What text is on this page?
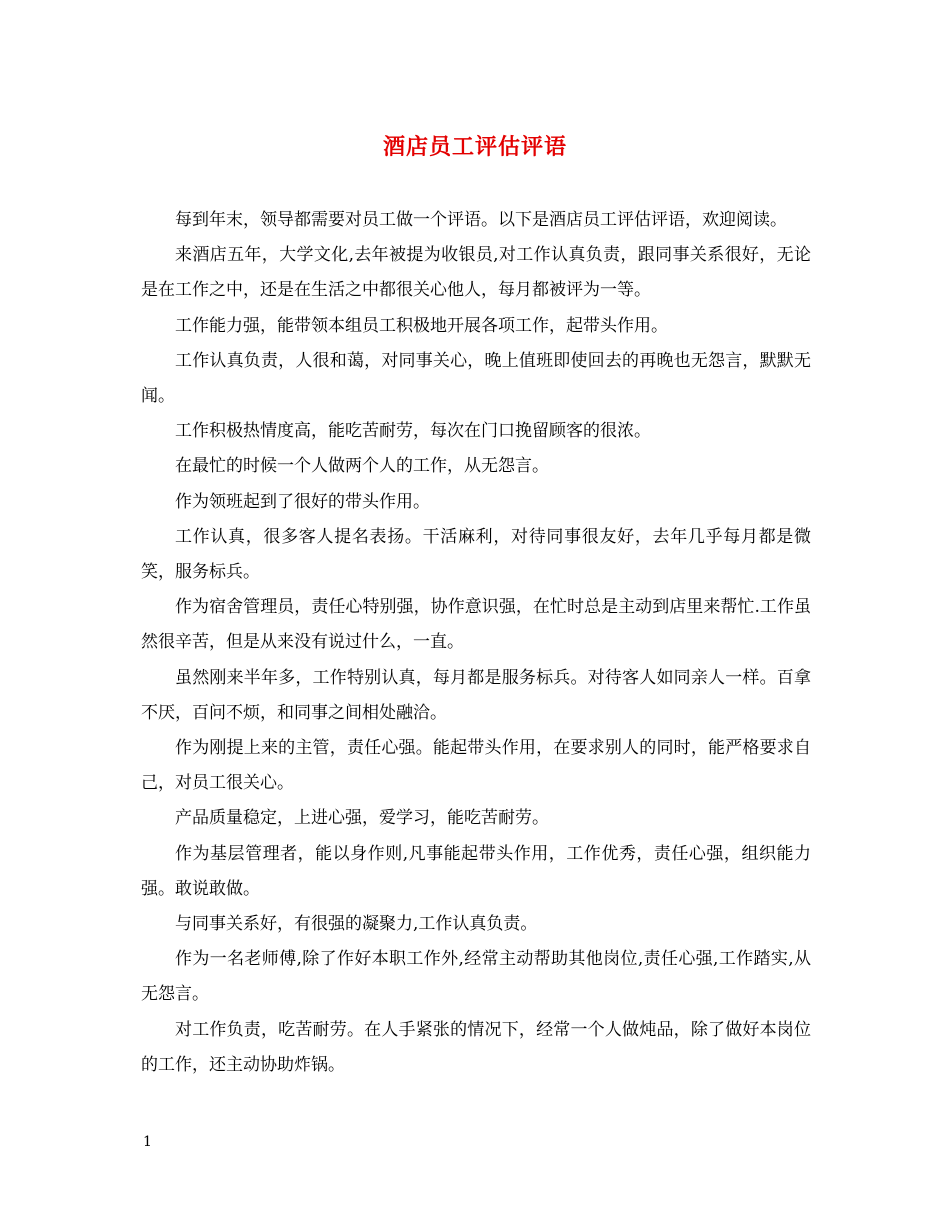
酒店员工评估评语

每到年末，领导都需要对员工做一个评语。以下是酒店员工评估评语，欢迎阅读。

来酒店五年，大学文化,去年被提为收银员,对工作认真负责，跟同事关系很好，无论是在工作之中，还是在生活之中都很关心他人，每月都被评为一等。

工作能力强，能带领本组员工积极地开展各项工作，起带头作用。

工作认真负责，人很和蔼，对同事关心，晚上值班即使回去的再晚也无怨言，默默无闻。

工作积极热情度高，能吃苦耐劳，每次在门口挽留顾客的很浓。

在最忙的时候一个人做两个人的工作，从无怨言。

作为领班起到了很好的带头作用。

工作认真，很多客人提名表扬。干活麻利，对待同事很友好，去年几乎每月都是微笑，服务标兵。

作为宿舍管理员，责任心特别强，协作意识强，在忙时总是主动到店里来帮忙.工作虽然很辛苦，但是从来没有说过什么，一直。

虽然刚来半年多，工作特别认真，每月都是服务标兵。对待客人如同亲人一样。百拿不厌，百问不烦，和同事之间相处融洽。

作为刚提上来的主管，责任心强。能起带头作用，在要求别人的同时，能严格要求自己，对员工很关心。

产品质量稳定，上进心强，爱学习，能吃苦耐劳。

作为基层管理者，能以身作则,凡事能起带头作用，工作优秀，责任心强，组织能力强。敢说敢做。

与同事关系好，有很强的凝聚力,工作认真负责。

作为一名老师傅,除了作好本职工作外,经常主动帮助其他岗位,责任心强,工作踏实,从无怨言。

对工作负责，吃苦耐劳。在人手紧张的情况下，经常一个人做炖品，除了做好本岗位的工作，还主动协助炸锅。

1
